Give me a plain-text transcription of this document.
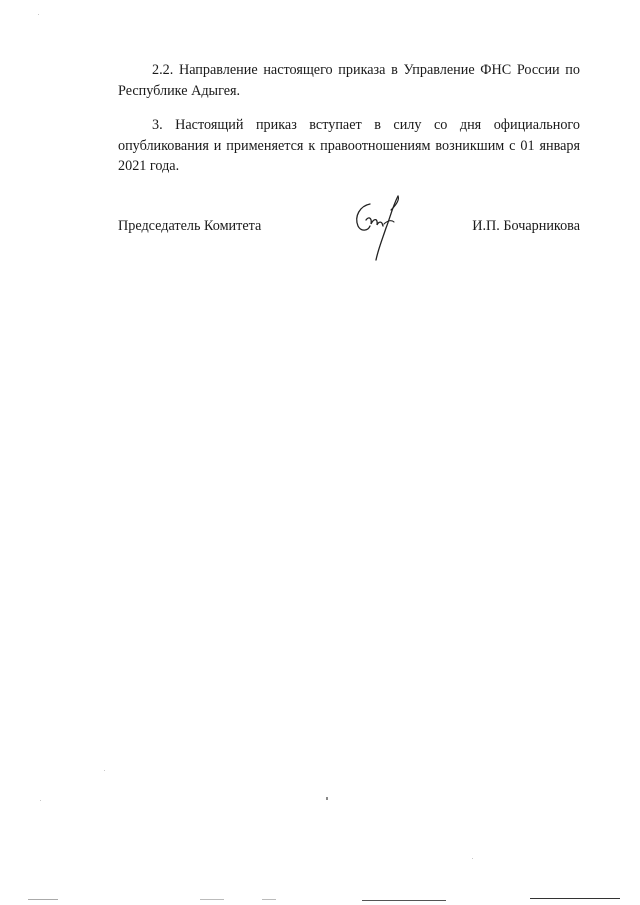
2.2. Направление настоящего приказа в Управление ФНС России по Республике Адыгея.

3. Настоящий приказ вступает в силу со дня официального опубликования и применяется к правоотношениям возникшим с 01 января 2021 года.

Председатель Комитета	И.П. Бочарникова
